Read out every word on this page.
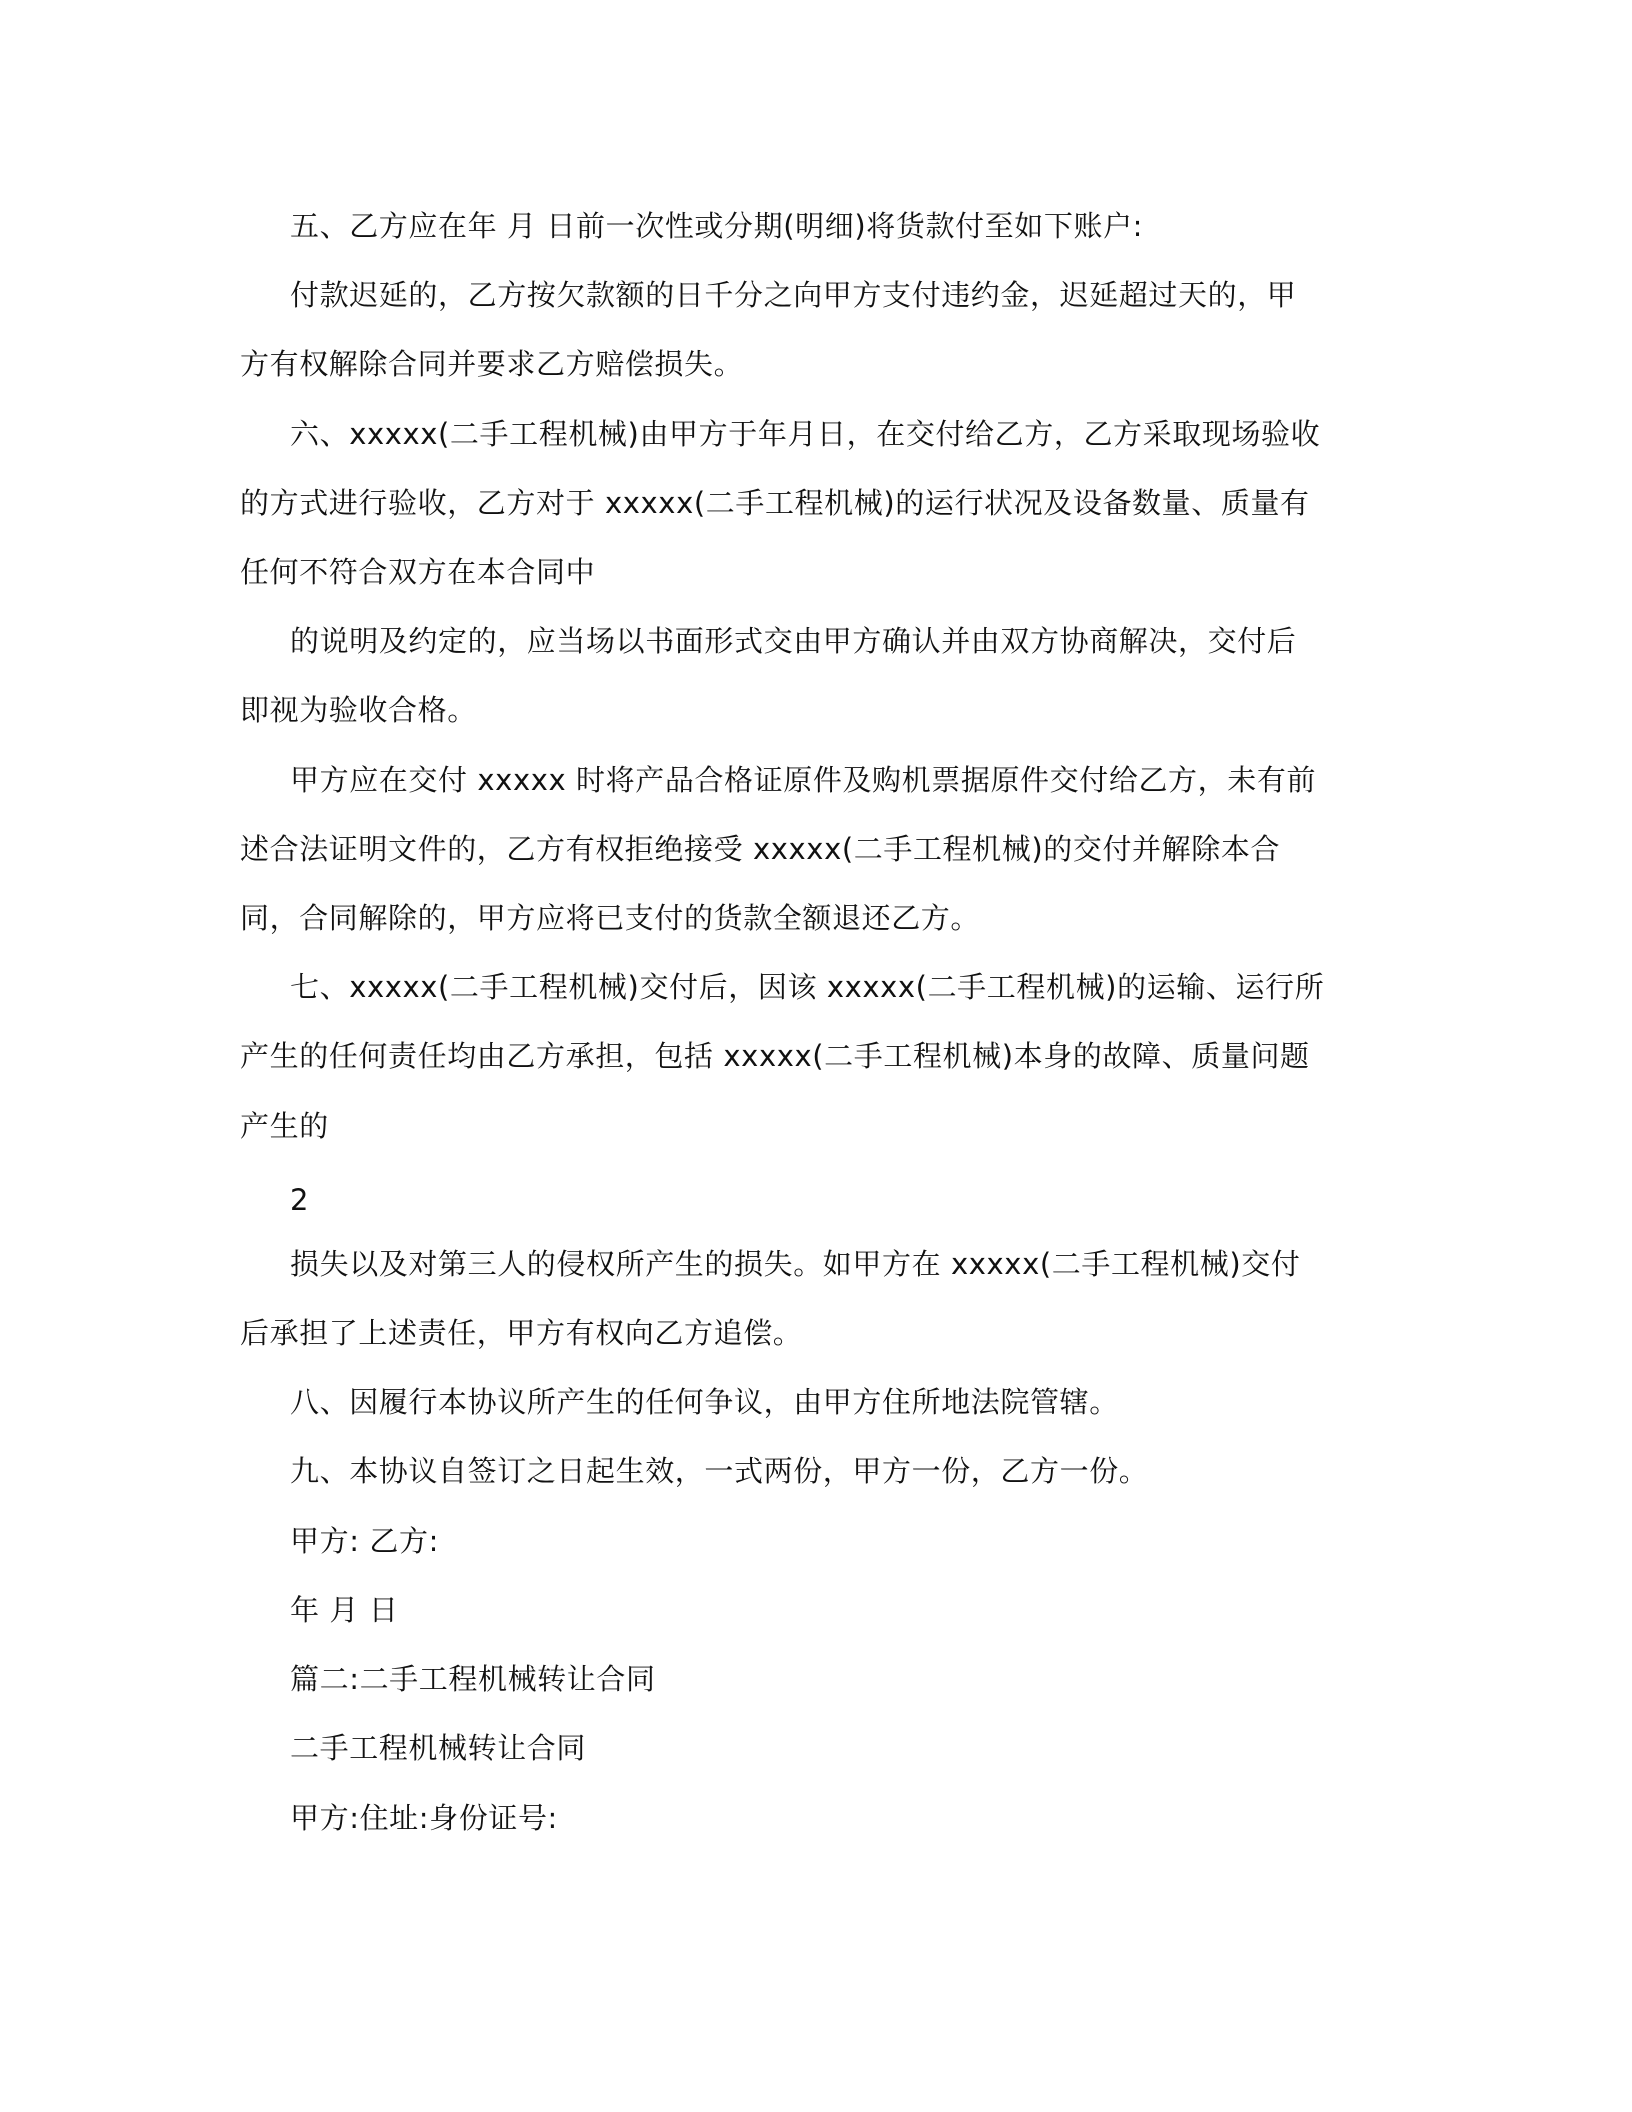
五、乙方应在年 月 日前一次性或分期(明细)将货款付至如下账户:
付款迟延的，乙方按欠款额的日千分之向甲方支付违约金，迟延超过天的，甲
方有权解除合同并要求乙方赔偿损失。
六、xxxxx(二手工程机械)由甲方于年月日，在交付给乙方，乙方采取现场验收
的方式进行验收，乙方对于 xxxxx(二手工程机械)的运行状况及设备数量、质量有
任何不符合双方在本合同中
的说明及约定的，应当场以书面形式交由甲方确认并由双方协商解决，交付后
即视为验收合格。
甲方应在交付 xxxxx 时将产品合格证原件及购机票据原件交付给乙方，未有前
述合法证明文件的，乙方有权拒绝接受 xxxxx(二手工程机械)的交付并解除本合
同，合同解除的，甲方应将已支付的货款全额退还乙方。
七、xxxxx(二手工程机械)交付后，因该 xxxxx(二手工程机械)的运输、运行所
产生的任何责任均由乙方承担，包括 xxxxx(二手工程机械)本身的故障、质量问题
产生的
2
损失以及对第三人的侵权所产生的损失。如甲方在 xxxxx(二手工程机械)交付
后承担了上述责任，甲方有权向乙方追偿。
八、因履行本协议所产生的任何争议，由甲方住所地法院管辖。
九、本协议自签订之日起生效，一式两份，甲方一份，乙方一份。
甲方: 乙方:
年 月 日
篇二:二手工程机械转让合同
二手工程机械转让合同
甲方:住址:身份证号:
